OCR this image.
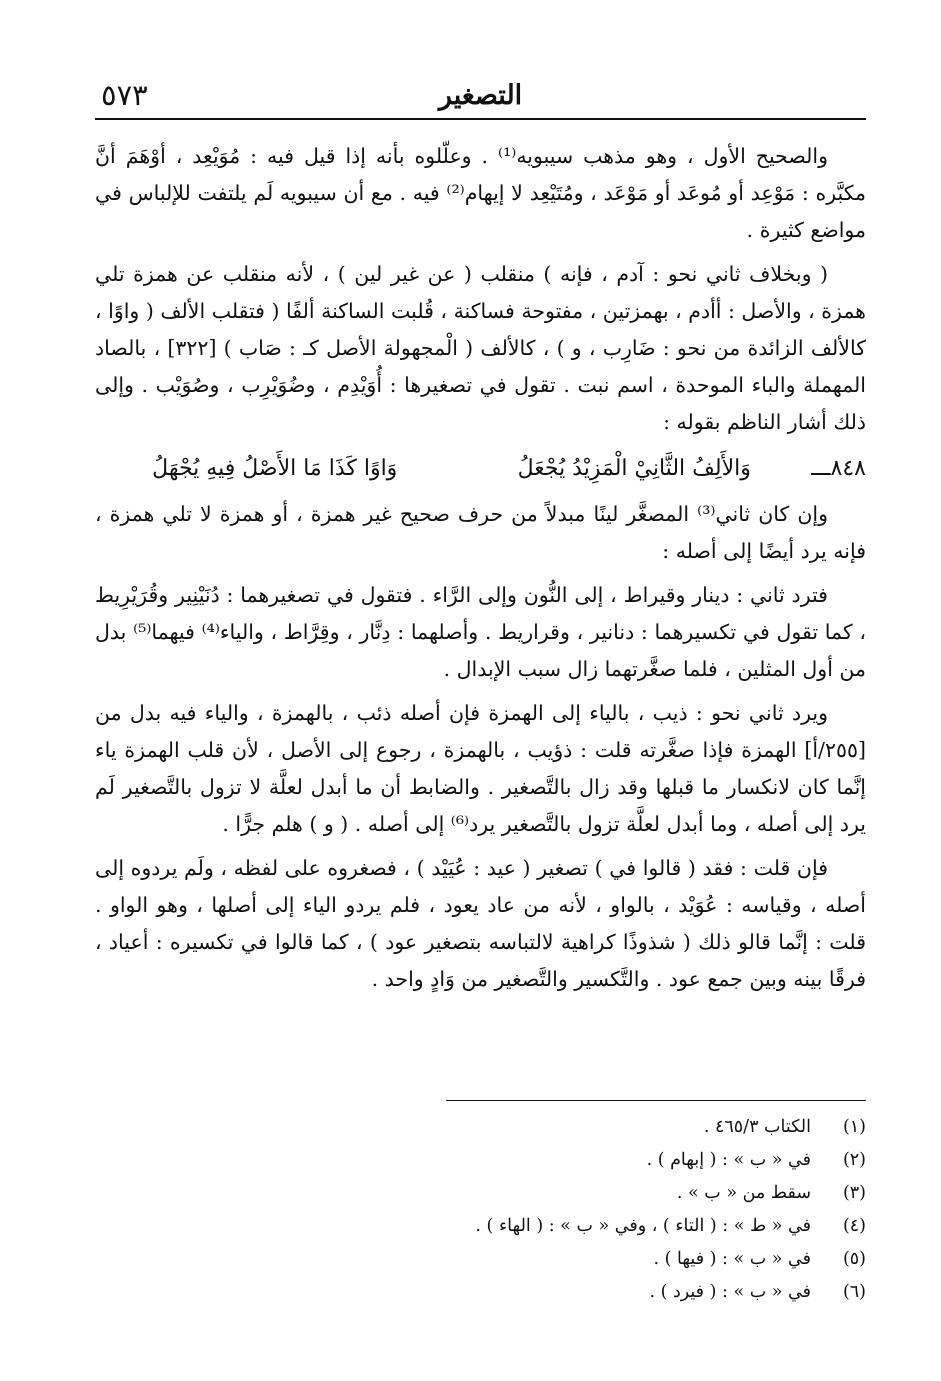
التصغير
٥٧٣

والصحيح الأول ، وهو مذهب سيبويه⁽¹⁾ . وعلّلوه بأنه إذا قيل فيه : مُوَيْعِد ، أوْهَمَ أنَّ مكبَّره : مَوْعِد أو مُوعَد أو مَوْعَد ، ومُتَيْعِد لا إيهام⁽²⁾ فيه . مع أن سيبويه لَم يلتفت للإلباس في مواضع كثيرة .

( وبخلاف ثاني نحو : آدم ، فإنه ) منقلب ( عن غير لين ) ، لأنه منقلب عن همزة تلي همزة ، والأصل : أأدم ، بهمزتين ، مفتوحة فساكنة ، قُلبت الساكنة ألفًا ( فتقلب الألف ( واوًا ، كالألف الزائدة من نحو : ضَارِب ، و ) ، كالألف ( الْمجهولة الأصل كـ : صَاب ) [٣٢٢] ، بالصاد المهملة والباء الموحدة ، اسم نبت . تقول في تصغيرها : أُوَيْدِم ، وضُوَيْرِب ، وصُوَيْب . وإلى ذلك أشار الناظم بقوله :

٨٤٨ـــ
وَالأَلِفُ الثَّانِيْ الْمَزِيْدُ يُجْعَلُ
وَاوًا كَذَا مَا الأَصْلُ فِيهِ يُجْهَلُ

وإن كان ثاني⁽³⁾ المصغَّر لينًا مبدلاً من حرف صحيح غير همزة ، أو همزة لا تلي همزة ، فإنه يرد أيضًا إلى أصله :

فترد ثاني : دينار وقيراط ، إلى النُّون وإلى الرَّاء . فتقول في تصغيرهما : دُنَيْنِير وقُرَيْرِيط ، كما تقول في تكسيرهما : دنانير ، وقراريط . وأصلهما : دِنَّار ، وقِرَّاط ، والياء⁽⁴⁾ فيهما⁽⁵⁾ بدل من أول المثلين ، فلما صغَّرتهما زال سبب الإبدال .

ويرد ثاني نحو : ذيب ، بالياء إلى الهمزة فإن أصله ذئب ، بالهمزة ، والياء فيه بدل من [٢٥٥/أ] الهمزة فإذا صغَّرته قلت : ذؤيب ، بالهمزة ، رجوع إلى الأصل ، لأن قلب الهمزة ياء إنَّما كان لانكسار ما قبلها وقد زال بالتَّصغير . والضابط أن ما أبدل لعلَّة لا تزول بالتَّصغير لَم يرد إلى أصله ، وما أبدل لعلَّة تزول بالتَّصغير يرد⁽⁶⁾ إلى أصله . ( و ) هلم جرًّا .

فإن قلت : فقد ( قالوا في ) تصغير ( عيد : عُيَيْد ) ، فصغروه على لفظه ، ولَم يردوه إلى أصله ، وقياسه : عُوَيْد ، بالواو ، لأنه من عاد يعود ، فلم يردو الياء إلى أصلها ، وهو الواو . قلت : إنَّما قالو ذلك ( شذوذًا كراهية لالتباسه بتصغير عود ) ، كما قالوا في تكسيره : أعياد ، فرقًا بينه وبين جمع عود . والتَّكسير والتَّصغير من وَادٍ واحد .

(١)
الكتاب ٤٦٥/٣ .
(٢)
في « ب » : ( إبهام ) .
(٣)
سقط من « ب » .
(٤)
في « ط » : ( التاء ) ، وفي « ب » : ( الهاء ) .
(٥)
في « ب » : ( فيها ) .
(٦)
في « ب » : ( فيرد ) .
